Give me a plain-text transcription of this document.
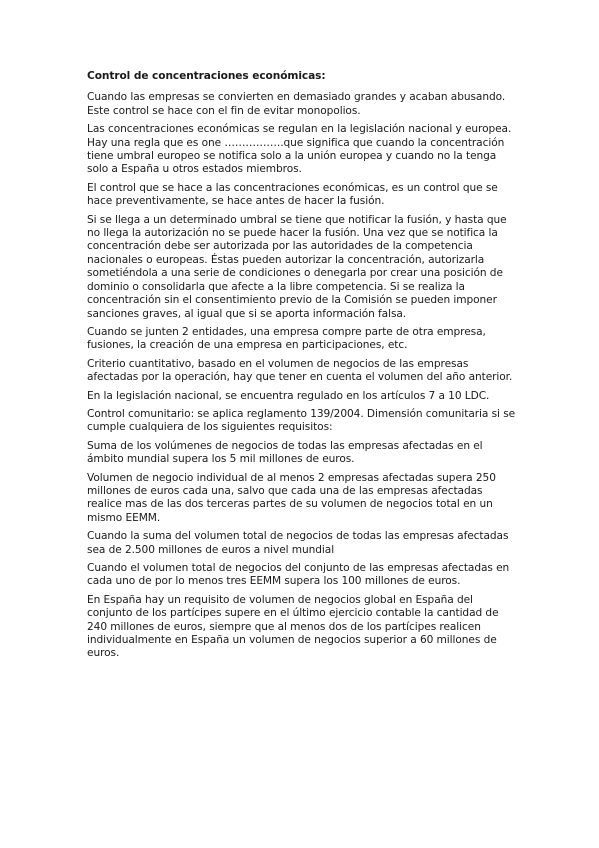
Control de concentraciones económicas:

Cuando las empresas se convierten en demasiado grandes y acaban abusando. Este control se hace con el fin de evitar monopolios.

Las concentraciones económicas se regulan en la legislación nacional y europea. Hay una regla que es one ……………..que significa que cuando la concentración tiene umbral europeo se notifica solo a la unión europea y cuando no la tenga solo a España u otros estados miembros.

El control que se hace a las concentraciones económicas, es un control que se hace preventivamente, se hace antes de hacer la fusión.

Si se llega a un determinado umbral se tiene que notificar la fusión, y hasta que no llega la autorización no se puede hacer la fusión. Una vez que se notifica la concentración debe ser autorizada por las autoridades de la competencia nacionales o europeas. Éstas pueden autorizar la concentración, autorizarla sometiéndola a una serie de condiciones o denegarla por crear una posición de dominio o consolidarla que afecte a la libre competencia. Si se realiza la concentración sin el consentimiento previo de la Comisión se pueden imponer sanciones graves, al igual que si se aporta información falsa.

Cuando se junten 2 entidades, una empresa compre parte de otra empresa, fusiones, la creación de una empresa en participaciones, etc.

Criterio cuantitativo, basado en el volumen de negocios de las empresas afectadas por la operación, hay que tener en cuenta el volumen del año anterior.

En la legislación nacional, se encuentra regulado en los artículos 7 a 10 LDC.

Control comunitario: se aplica reglamento 139/2004. Dimensión comunitaria si se cumple cualquiera de los siguientes requisitos:

Suma de los volúmenes de negocios de todas las empresas afectadas en el ámbito mundial supera los 5 mil millones de euros.

Volumen de negocio individual de al menos 2 empresas afectadas supera 250 millones de euros cada una, salvo que cada una de las empresas afectadas realice mas de las dos terceras partes de su volumen de negocios total en un mismo EEMM.

Cuando la suma del volumen total de negocios de todas las empresas afectadas sea de 2.500 millones de euros a nivel mundial

Cuando el volumen total de negocios del conjunto de las empresas afectadas en cada uno de por lo menos tres EEMM supera los 100 millones de euros.

En España hay un requisito de volumen de negocios global en España del conjunto de los partícipes supere en el último ejercicio contable la cantidad de 240 millones de euros, siempre que al menos dos de los partícipes realicen individualmente en España un volumen de negocios superior a 60 millones de euros.
